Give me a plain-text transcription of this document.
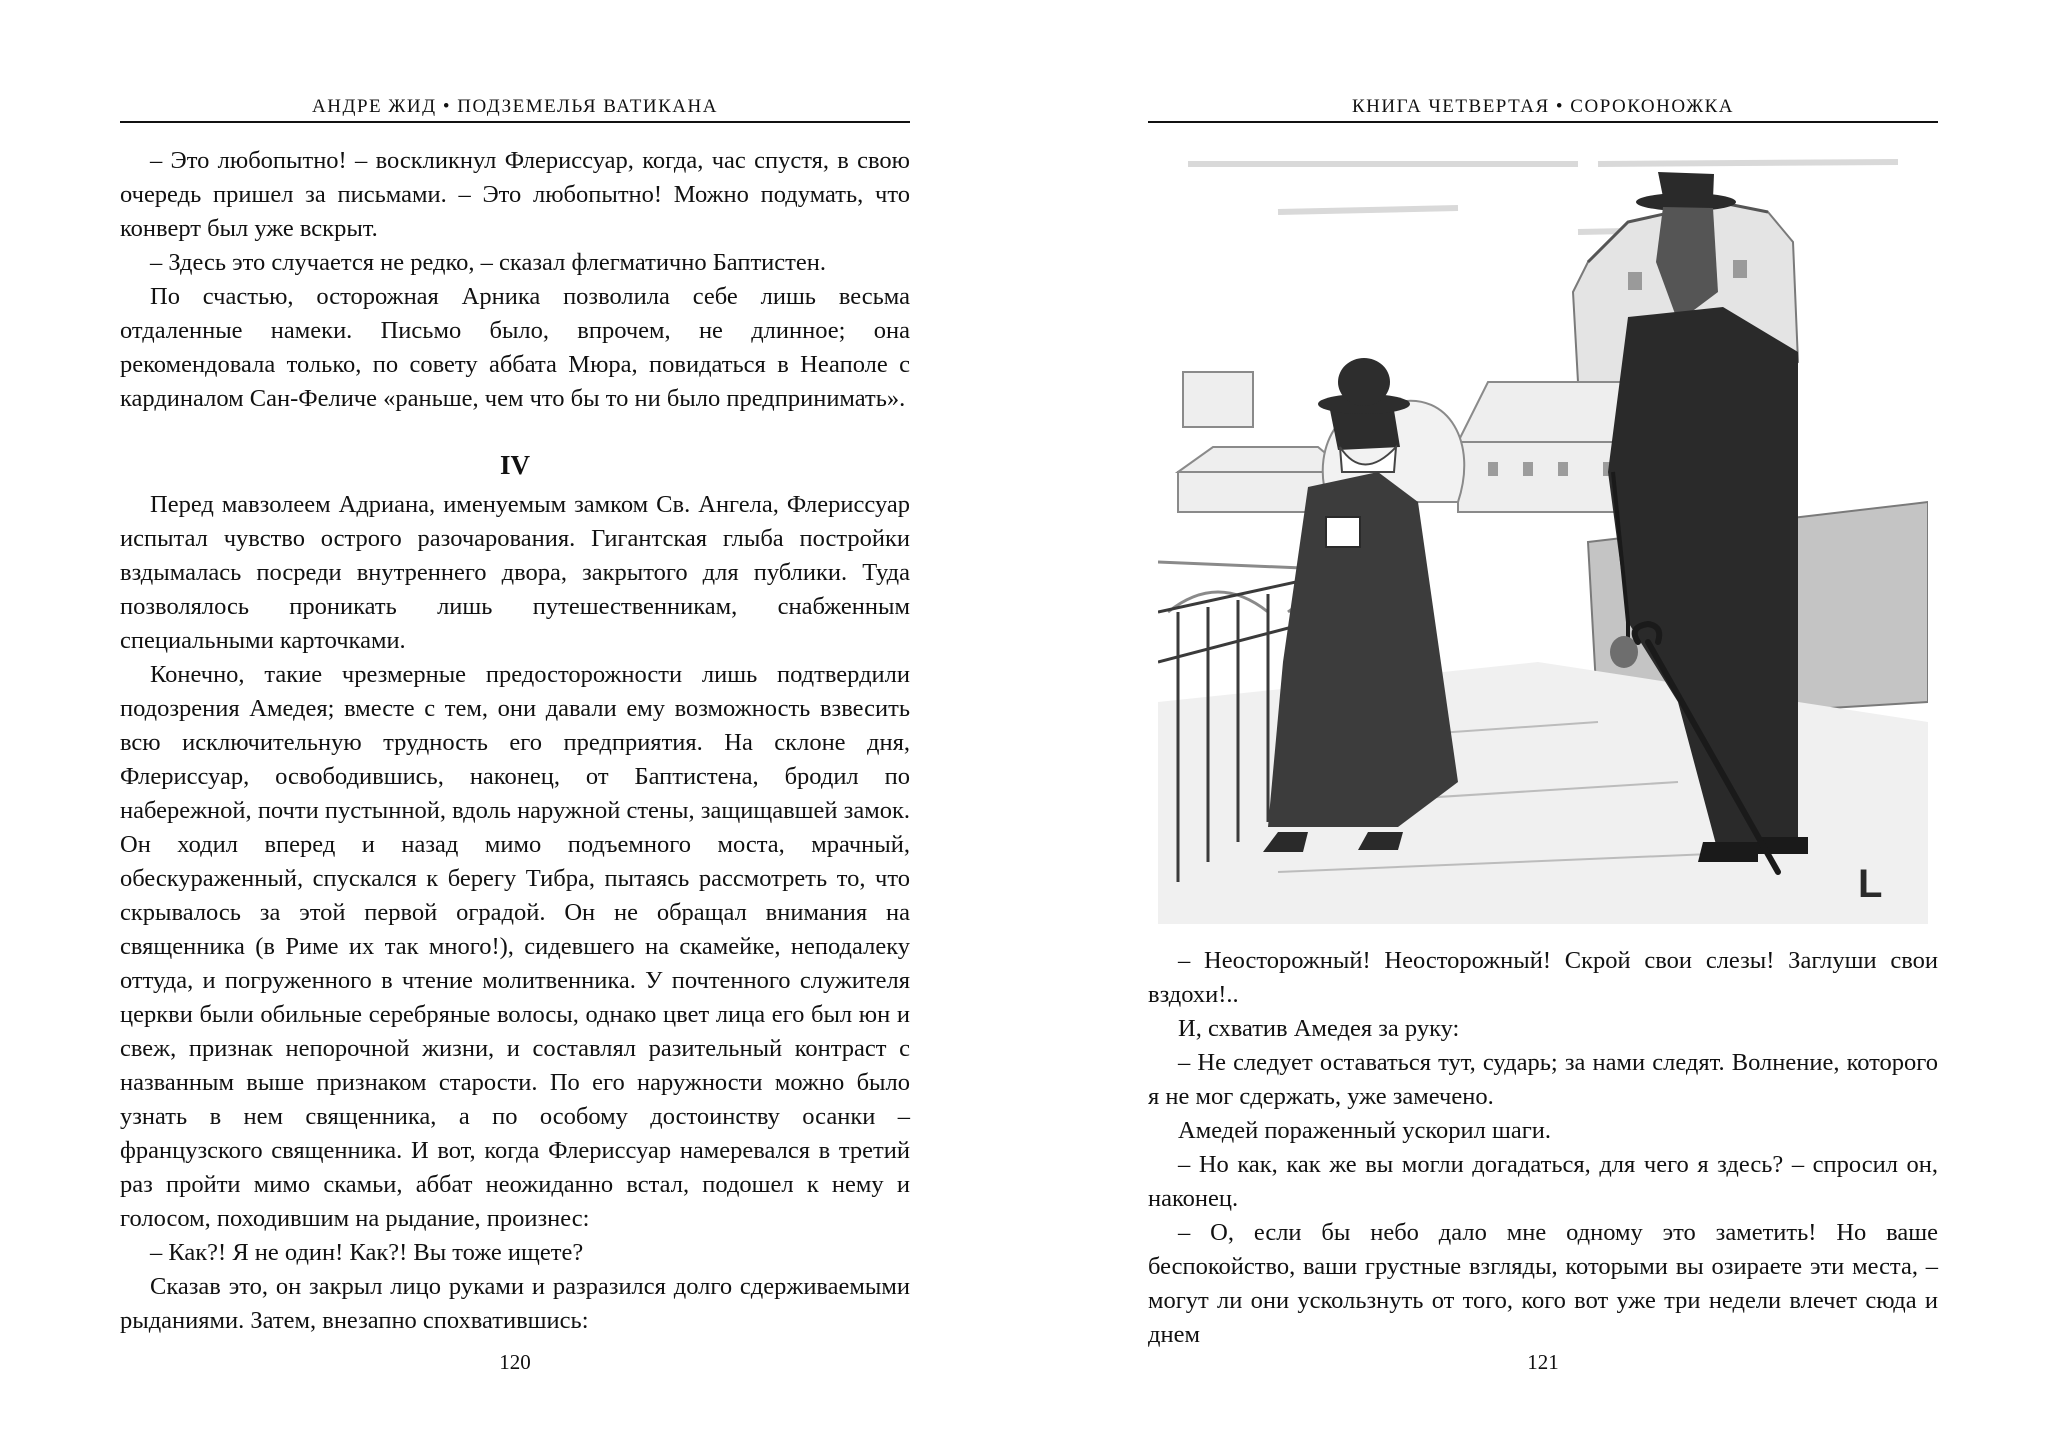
АНДРЕ ЖИД • ПОДЗЕМЕЛЬЯ ВАТИКАНА

– Это любопытно! – воскликнул Флериссуар, когда, час спустя, в свою очередь пришел за письмами. – Это любопытно! Можно подумать, что конверт был уже вскрыт.

– Здесь это случается не редко, – сказал флегматично Баптистен.

По счастью, осторожная Арника позволила себе лишь весьма отдаленные намеки. Письмо было, впрочем, не длинное; она рекомендовала только, по совету аббата Мюра, повидаться в Неаполе с кардиналом Сан-Феличе «раньше, чем что бы то ни было предпринимать».

IV

Перед мавзолеем Адриана, именуемым замком Св. Ангела, Флериссуар испытал чувство острого разочарования. Гигантская глыба постройки вздымалась посреди внутреннего двора, закрытого для публики. Туда позволялось проникать лишь путешественникам, снабженным специальными карточками.

Конечно, такие чрезмерные предосторожности лишь подтвердили подозрения Амедея; вместе с тем, они давали ему возможность взвесить всю исключительную трудность его предприятия. На склоне дня, Флериссуар, освободившись, наконец, от Баптистена, бродил по набережной, почти пустынной, вдоль наружной стены, защищавшей замок. Он ходил вперед и назад мимо подъемного моста, мрачный, обескураженный, спускался к берегу Тибра, пытаясь рассмотреть то, что скрывалось за этой первой оградой. Он не обращал внимания на священника (в Риме их так много!), сидевшего на скамейке, неподалеку оттуда, и погруженного в чтение молитвенника. У почтенного служителя церкви были обильные серебряные волосы, однако цвет лица его был юн и свеж, признак непорочной жизни, и составлял разительный контраст с названным выше признаком старости. По его наружности можно было узнать в нем священника, а по особому достоинству осанки – французского священника. И вот, когда Флериссуар намеревался в третий раз пройти мимо скамьи, аббат неожиданно встал, подошел к нему и голосом, походившим на рыдание, произнес:

– Как?! Я не один! Как?! Вы тоже ищете?

Сказав это, он закрыл лицо руками и разразился долго сдерживаемыми рыданиями. Затем, внезапно спохватившись:

120
КНИГА ЧЕТВЕРТАЯ • СОРОКОНОЖКА
L

– Неосторожный! Неосторожный! Скрой свои слезы! Заглуши свои вздохи!..

И, схватив Амедея за руку:

– Не следует оставаться тут, сударь; за нами следят. Волнение, которого я не мог сдержать, уже замечено.

Амедей пораженный ускорил шаги.

– Но как, как же вы могли догадаться, для чего я здесь? – спросил он, наконец.

– О, если бы небо дало мне одному это заметить! Но ваше беспокойство, ваши грустные взгляды, которыми вы озираете эти места, – могут ли они ускользнуть от того, кого вот уже три недели влечет сюда и днем

121
